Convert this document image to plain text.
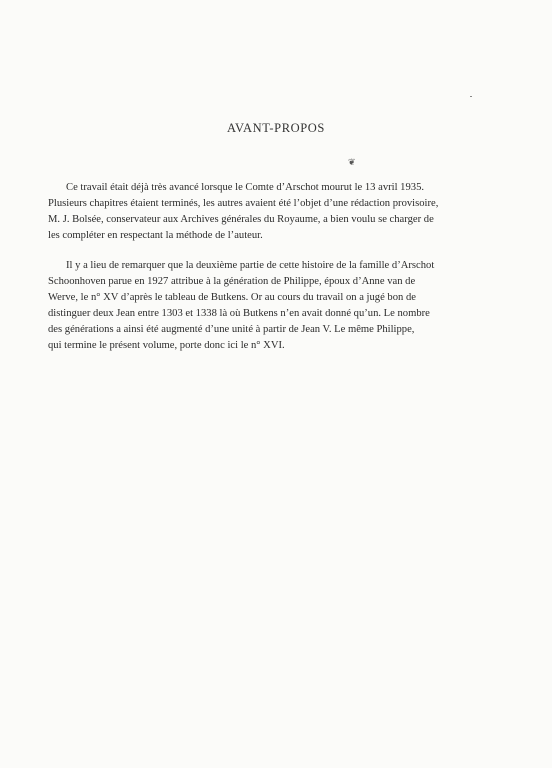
AVANT-PROPOS
❦
Ce travail était déjà très avancé lorsque le Comte d’Arschot mourut le 13 avril 1935.
Plusieurs chapitres étaient terminés, les autres avaient été l’objet d’une rédaction provisoire,
M. J. Bolsée, conservateur aux Archives générales du Royaume, a bien voulu se charger de
les compléter en respectant la méthode de l’auteur.
Il y a lieu de remarquer que la deuxième partie de cette histoire de la famille d’Arschot
Schoonhoven parue en 1927 attribue à la génération de Philippe, époux d’Anne van de
Werve, le n° XV d’après le tableau de Butkens. Or au cours du travail on a jugé bon de
distinguer deux Jean entre 1303 et 1338 là où Butkens n’en avait donné qu’un. Le nombre
des générations a ainsi été augmenté d’une unité à partir de Jean V. Le même Philippe,
qui termine le présent volume, porte donc ici le n° XVI.
